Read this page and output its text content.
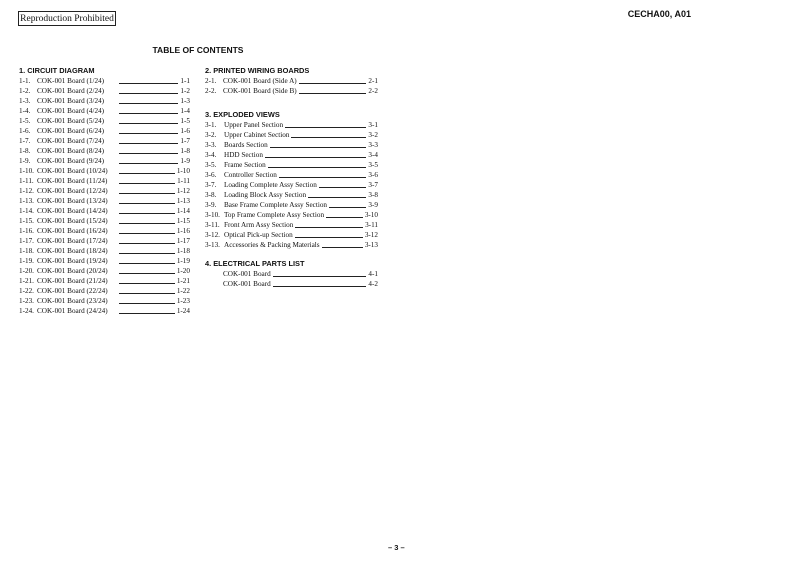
Reproduction Prohibited	CECHA00, A01
TABLE OF CONTENTS
1. CIRCUIT DIAGRAM
1-1. COK-001 Board (1/24)	1-1
1-2. COK-001 Board (2/24)	1-2
1-3. COK-001 Board (3/24)	1-3
1-4. COK-001 Board (4/24)	1-4
1-5. COK-001 Board (5/24)	1-5
1-6. COK-001 Board (6/24)	1-6
1-7. COK-001 Board (7/24)	1-7
1-8. COK-001 Board (8/24)	1-8
1-9. COK-001 Board (9/24)	1-9
1-10. COK-001 Board (10/24)	1-10
1-11. COK-001 Board (11/24)	1-11
1-12. COK-001 Board (12/24)	1-12
1-13. COK-001 Board (13/24)	1-13
1-14. COK-001 Board (14/24)	1-14
1-15. COK-001 Board (15/24)	1-15
1-16. COK-001 Board (16/24)	1-16
1-17. COK-001 Board (17/24)	1-17
1-18. COK-001 Board (18/24)	1-18
1-19. COK-001 Board (19/24)	1-19
1-20. COK-001 Board (20/24)	1-20
1-21. COK-001 Board (21/24)	1-21
1-22. COK-001 Board (22/24)	1-22
1-23. COK-001 Board (23/24)	1-23
1-24. COK-001 Board (24/24)	1-24
2. PRINTED WIRING BOARDS
2-1. COK-001 Board (Side A)	2-1
2-2. COK-001 Board (Side B)	2-2
3. EXPLODED VIEWS
3-1.	Upper Panel Section	3-1
3-2.	Upper Cabinet Section	3-2
3-3.	Boards Section	3-3
3-4.	HDD Section	3-4
3-5.	Frame Section	3-5
3-6.	Controller Section	3-6
3-7.	Loading Complete Assy Section	3-7
3-8.	Loading Block Assy Section	3-8
3-9.	Base Frame Complete Assy Section	3-9
3-10. Top Frame Complete Assy Section	3-10
3-11. Front Arm Assy Section	3-11
3-12. Optical Pick-up Section	3-12
3-13. Accessories & Packing Materials	3-13
4. ELECTRICAL PARTS LIST
COK-001 Board	4-1
COK-001 Board	4-2
– 3 –
